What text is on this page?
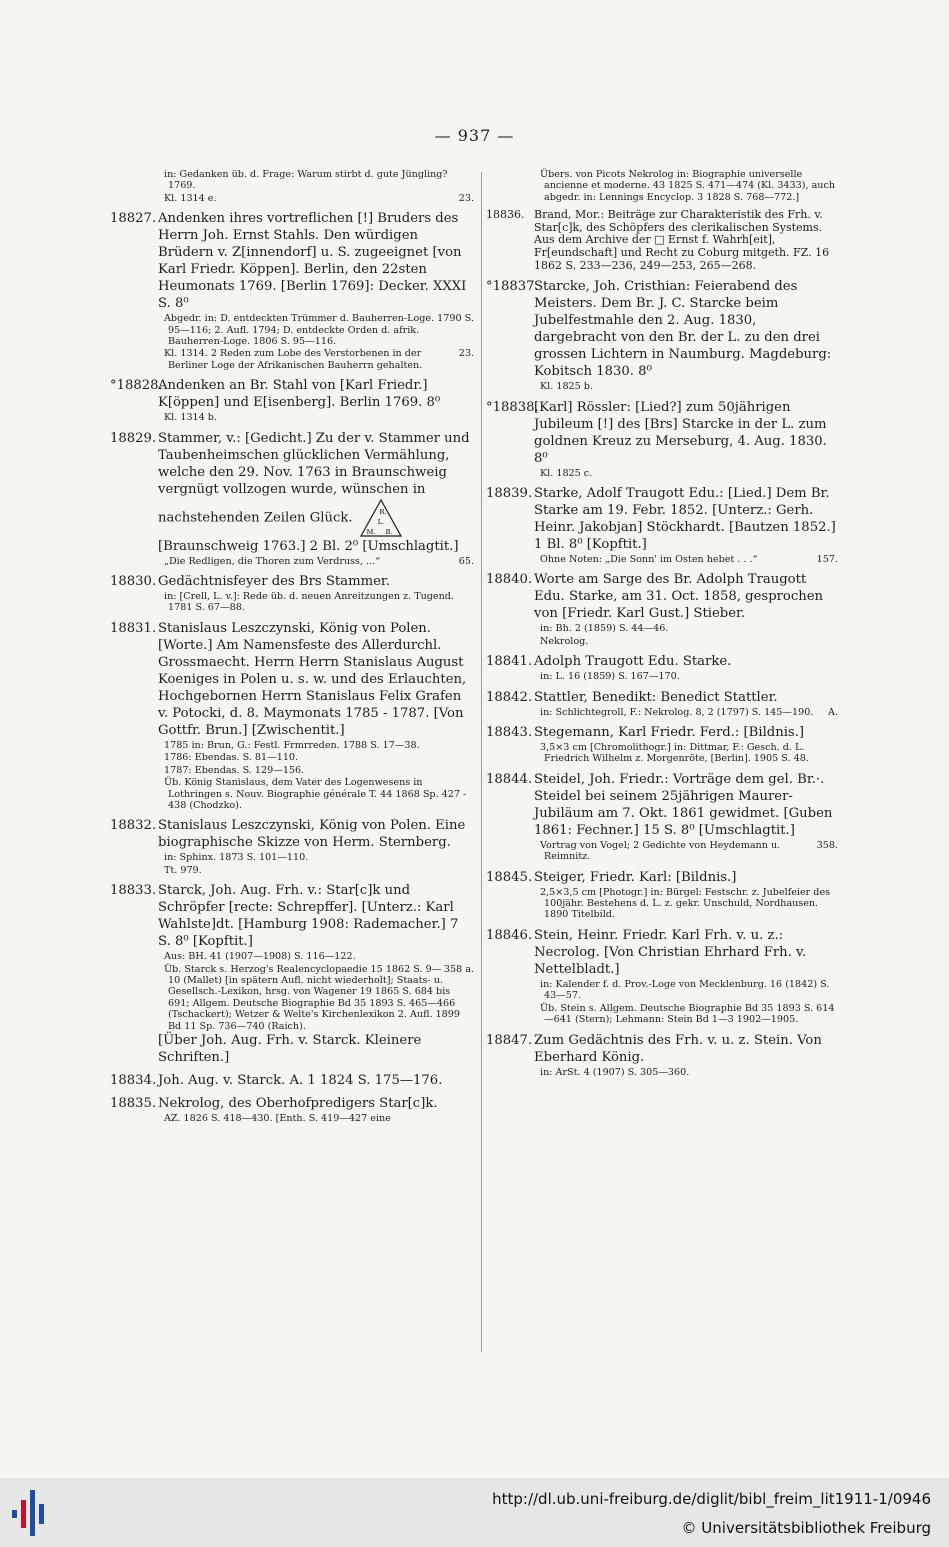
— 937 —
in: Gedanken üb. d. Frage: Warum stirbt d. gute Jüngling? 1769.
23.
Kl. 1314 e.
18827. Andenken ihres vortreflichen [!] Bruders des Herrn Joh. Ernst Stahls. Den würdigen Brüdern v. Z[innendorf] u. S. zugeeignet [von Karl Friedr. Köppen]. Berlin, den 22sten Heumonats 1769. [Berlin 1769]: Decker. XXXI S. 8⁰
Abgedr. in: D. entdeckten Trümmer d. Bauherren-Loge. 1790 S. 95—116; 2. Aufl. 1794; D. entdeckte Orden d. afrik. Bauherren-Loge. 1806 S. 95—116.
23.
Kl. 1314. 2 Reden zum Lobe des Verstorbenen in der Berliner Loge der Afrikanischen Bauherrn gehalten.
°18828.Andenken an Br. Stahl von [Karl Friedr.] K[öppen] und E[isenberg]. Berlin 1769. 8⁰
Kl. 1314 b.
18829. Stammer, v.: [Gedicht.] Zu der v. Stammer und Taubenheimschen glücklichen Vermählung, welche den 29. Nov. 1763 in Braunschweig vergnügt vollzogen wurde, wünschen in nachstehenden Zeilen Glück.	R.
L.
M. B.
[Braunschweig 1763.] 2 Bl. 2⁰ [Umschlagtit.]
65.
„Die Redligen, die Thoren zum Verdruss, ...“
18830. Gedächtnisfeyer des Brs Stammer.
in: [Crell, L. v.]: Rede üb. d. neuen Anreitzungen z. Tugend. 1781 S. 67—88.
18831. Stanislaus Leszczynski, König von Polen. [Worte.] Am Namensfeste des Allerdurchl. Grossmaecht. Herrn Herrn Stanislaus August Koeniges in Polen u. s. w. und des Erlauchten, Hochgebornen Herrn Stanislaus Felix Grafen v. Potocki, d. 8. Maymonats 1785 - 1787. [Von Gottfr. Brun.] [Zwischentit.]
1785 in: Brun, G.: Festl. Frmrreden. 1788 S. 17—38.
1786: Ebendas. S. 81—110.
1787: Ebendas. S. 129—156.
Üb. König Stanislaus, dem Vater des Logenwesens in Lothringen s. Nouv. Biographie générale T. 44 1868 Sp. 427 - 438 (Chodzko).
18832. Stanislaus Leszczynski, König von Polen. Eine biographische Skizze von Herm. Sternberg.
in: Sphinx. 1873 S. 101—110.
Tt. 979.
18833. Starck, Joh. Aug. Frh. v.: Star[c]k und Schröpfer [recte: Schrepffer]. [Unterz.: Karl Wahlste]dt. [Hamburg 1908: Rademacher.] 7 S. 8⁰ [Kopftit.]
Aus: BH. 41 (1907—1908) S. 116—122.
358 a.
Üb. Starck s. Herzog's Realencyclopaedie 15 1862 S. 9—10 (Mallet) [in spätern Aufl. nicht wiederholt]; Staats- u. Gesellsch.-Lexikon, hrsg. von Wagener 19 1865 S. 684 bis 691; Allgem. Deutsche Biographie Bd 35 1893 S. 465—466 (Tschackert); Wetzer & Welte's Kirchenlexikon 2. Aufl. 1899 Bd 11 Sp. 736—740 (Raich).
[Über Joh. Aug. Frh. v. Starck. Kleinere Schriften.]
18834. Joh. Aug. v. Starck. A. 1 1824 S. 175—176.
18835. Nekrolog, des Oberhofpredigers Star[c]k.
AZ. 1826 S. 418—430. [Enth. S. 419—427 eine
Übers. von Picots Nekrolog in: Biographie universelle ancienne et moderne. 43 1825 S. 471—474 (Kl. 3433), auch abgedr. in: Lennings Encyclop. 3 1828 S. 768—772.]
18836. Brand, Mor.: Beiträge zur Charakteristik des Frh. v. Star[c]k, des Schöpfers des clerikalischen Systems. Aus dem Archive der □ Ernst f. Wahrh[eit], Fr[eundschaft] und Recht zu Coburg mitgeth. FZ. 16 1862 S. 233—236, 249—253, 265—268.
°18837.Starcke, Joh. Cristhian: Feierabend des Meisters. Dem Br. J. C. Starcke beim Jubelfestmahle den 2. Aug. 1830, dargebracht von den Br. der L. zu den drei grossen Lichtern in Naumburg. Magdeburg: Kobitsch 1830. 8⁰
Kl. 1825 b.
°18838.[Karl] Rössler: [Lied?] zum 50jährigen Jubileum [!] des [Brs] Starcke in der L. zum goldnen Kreuz zu Merseburg, 4. Aug. 1830. 8⁰
Kl. 1825 c.
18839. Starke, Adolf Traugott Edu.: [Lied.] Dem Br. Starke am 19. Febr. 1852. [Unterz.: Gerh. Heinr. Jakobjan] Stöckhardt. [Bautzen 1852.] 1 Bl. 8⁰ [Kopftit.]
157.
Ohne Noten: „Die Sonn' im Osten hebet . . .“
18840. Worte am Sarge des Br. Adolph Traugott Edu. Starke, am 31. Oct. 1858, gesprochen von [Friedr. Karl Gust.] Stieber.
in: Bh. 2 (1859) S. 44—46.
Nekrolog.
18841. Adolph Traugott Edu. Starke.
in: L. 16 (1859) S. 167—170.
18842. Stattler, Benedikt: Benedict Stattler.
A.
in: Schlichtegroll, F.: Nekrolog. 8, 2 (1797) S. 145—190.
18843. Stegemann, Karl Friedr. Ferd.: [Bildnis.]
3,5×3 cm [Chromolithogr.] in: Dittmar, F.: Gesch. d. L. Friedrich Wilhelm z. Morgenröte, [Berlin]. 1905 S. 48.
18844. Steidel, Joh. Friedr.: Vorträge dem gel. Br.·. Steidel bei seinem 25jährigen Maurer-Jubiläum am 7. Okt. 1861 gewidmet. [Guben 1861: Fechner.] 15 S. 8⁰ [Umschlagtit.]
358.
Vortrag von Vogel; 2 Gedichte von Heydemann u. Reimnitz.
18845. Steiger, Friedr. Karl: [Bildnis.]
2,5×3,5 cm [Photogr.] in: Bürgel: Festschr. z. Jubelfeier des 100jähr. Bestehens d. L. z. gekr. Unschuld, Nordhausen. 1890 Titelbild.
18846. Stein, Heinr. Friedr. Karl Frh. v. u. z.: Necrolog. [Von Christian Ehrhard Frh. v. Nettelbladt.]
in: Kalender f. d. Prov.-Loge von Mecklenburg. 16 (1842) S. 43—57.
Üb. Stein s. Allgem. Deutsche Biographie Bd 35 1893 S. 614—641 (Stern); Lehmann: Stein Bd 1—3 1902—1905.
18847. Zum Gedächtnis des Frh. v. u. z. Stein. Von Eberhard König.
in: ArSt. 4 (1907) S. 305—360.
http://dl.ub.uni-freiburg.de/diglit/bibl_freim_lit1911-1/0946
© Universitätsbibliothek Freiburg
